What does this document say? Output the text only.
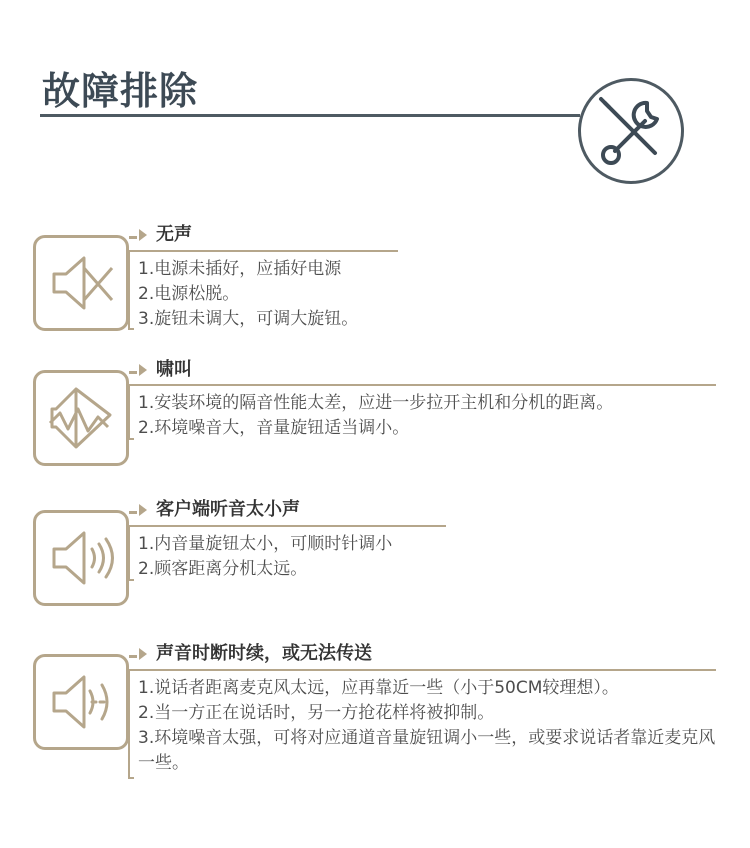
故障排除
无声
1.电源未插好，应插好电源
2.电源松脱。
3.旋钮未调大，可调大旋钮。
啸叫
1.安装环境的隔音性能太差，应进一步拉开主机和分机的距离。
2.环境噪音大，音量旋钮适当调小。
客户端听音太小声
1.内音量旋钮太小，可顺时针调小
2.顾客距离分机太远。
声音时断时续，或无法传送
1.说话者距离麦克风太远，应再靠近一些（小于50CM较理想）。
2.当一方正在说话时，另一方抢花样将被抑制。
3.环境噪音太强，可将对应通道音量旋钮调小一些，或要求说话者靠近麦克风一些。
